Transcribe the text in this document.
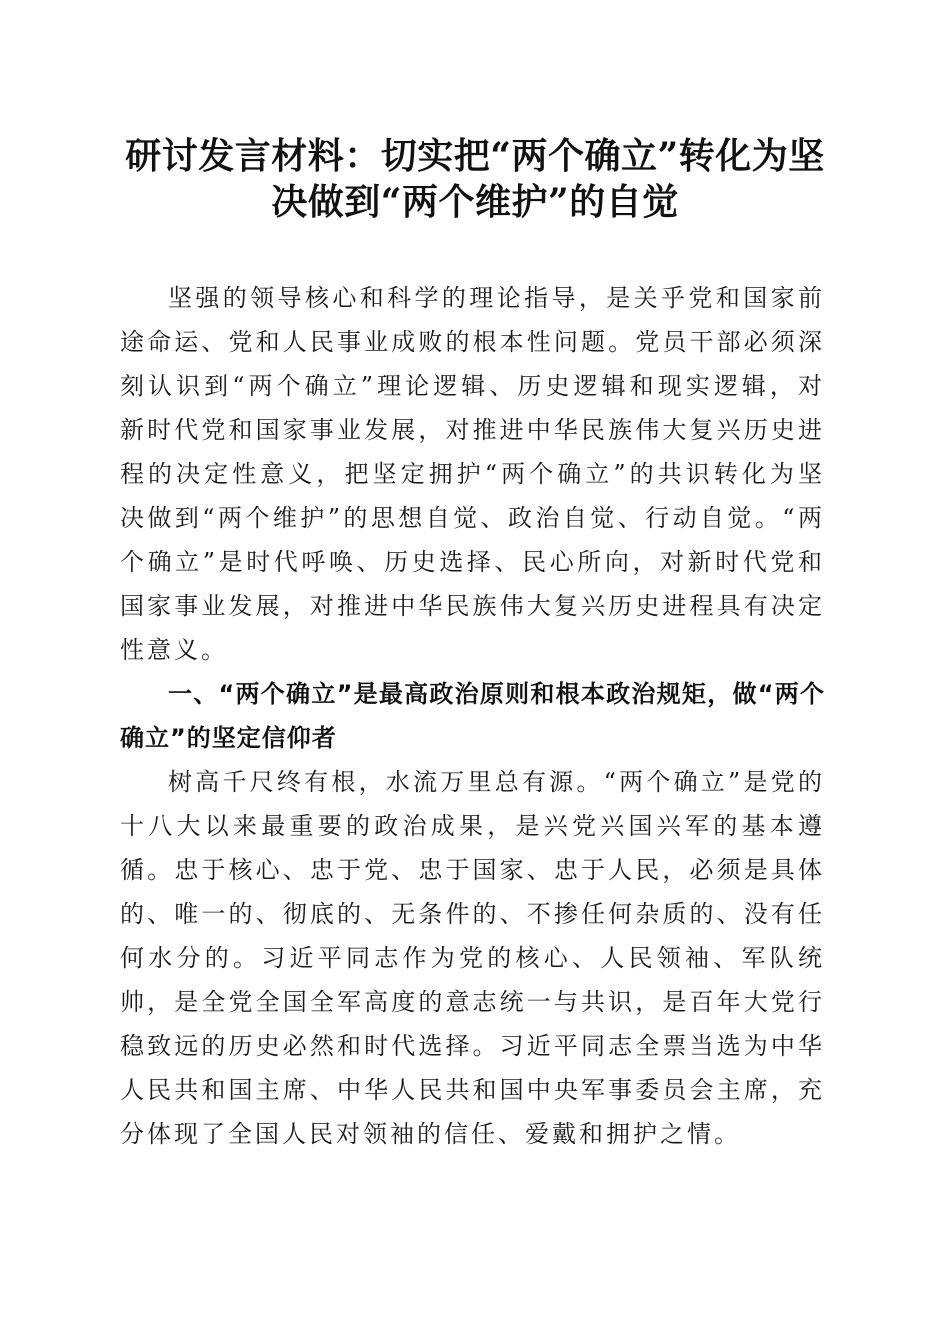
研讨发言材料：切实把“两个确立”转化为坚
决做到“两个维护”的自觉

坚强的领导核心和科学的理论指导，是关乎党和国家前途命运、党和人民事业成败的根本性问题。党员干部必须深刻认识到“两个确立”理论逻辑、历史逻辑和现实逻辑，对新时代党和国家事业发展，对推进中华民族伟大复兴历史进程的决定性意义，把坚定拥护“两个确立”的共识转化为坚决做到“两个维护”的思想自觉、政治自觉、行动自觉。“两个确立”是时代呼唤、历史选择、民心所向，对新时代党和国家事业发展，对推进中华民族伟大复兴历史进程具有决定性意义。

一、“两个确立”是最高政治原则和根本政治规矩，做“两个确立”的坚定信仰者

树高千尺终有根，水流万里总有源。“两个确立”是党的十八大以来最重要的政治成果，是兴党兴国兴军的基本遵循。忠于核心、忠于党、忠于国家、忠于人民，必须是具体的、唯一的、彻底的、无条件的、不掺任何杂质的、没有任何水分的。习近平同志作为党的核心、人民领袖、军队统帅，是全党全国全军高度的意志统一与共识，是百年大党行稳致远的历史必然和时代选择。习近平同志全票当选为中华人民共和国主席、中华人民共和国中央军事委员会主席，充分体现了全国人民对领袖的信任、爱戴和拥护之情。
